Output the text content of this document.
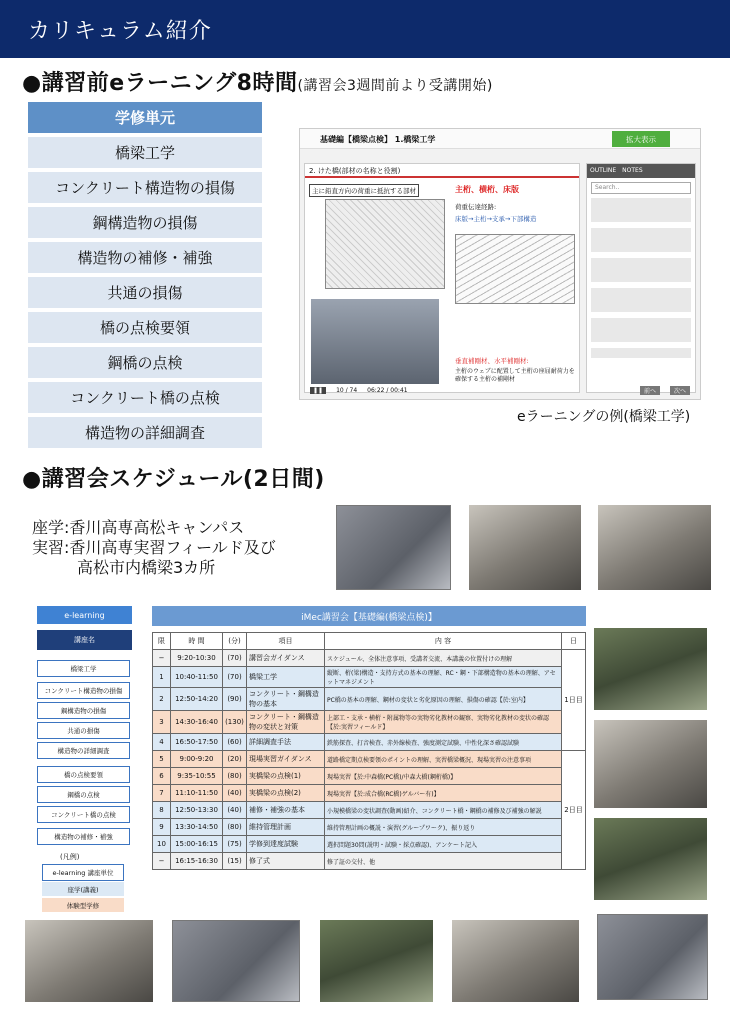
カリキュラム紹介
●講習前eラーニング8時間(講習会3週間前より受講開始)
学修単元
橋梁工学
コンクリート構造物の損傷
鋼構造物の損傷
構造物の補修・補強
共通の損傷
橋の点検要領
鋼橋の点検
コンクリート橋の点検
構造物の詳細調査
基礎編【橋梁点検】 1.橋梁工学	拡大表示
2. けた橋(部材の名称と役割)
主に鉛直方向の荷重に抵抗する部材	主桁、横桁、床版
荷重伝達経路:
床版→主桁→支承→下部構造
垂直補剛材、水平補剛材:
主桁のウェブに配置して主桁の座屈耐荷力を確保する主桁の補剛材
OUTLINE NOTES
Search..
❚❚	10 / 74 06:22 / 00:41	前へ	次へ
eラーニングの例(橋梁工学)
●講習会スケジュール(2日間)
座学:香川高専高松キャンパス
実習:香川高専実習フィールド及び
高松市内橋梁3カ所
e-learning
講座名
橋梁工学
コンクリート構造物の損傷
鋼構造物の損傷
共通の損傷
構造物の詳細調査
橋の点検要領
鋼橋の点検
コンクリート橋の点検
構造物の補修・補強
(凡例)
e-learning 講座単位
座学(講義)
体験型学修
iMec講習会【基礎編(橋梁点検)】
限	時 間	(分)	項目	内 容	日
−	9:20-10:30	(70)	講習会ガイダンス	スケジュール、全体注意事項、受講者交流、本講義の位置付けの理解	1日目
1	10:40-11:50	(70)	橋梁工学	縦断、桁(梁)構造・支持方式の基本の理解、RC・鋼・下部構造物の基本の理解、アセットマネジメント	
2	12:50-14:20	(90)	コンクリート・鋼構造物の基本	PC橋の基本の理解、鋼材の変状と劣化原因の理解、損傷の確認【於:室内】	
3	14:30-16:40	(130)	コンクリート・鋼構造物の変状と対策	上部工・支承・横桁・附属物等の実物劣化教材の観察、実物劣化教材の変状の確認【於:実習フィールド】	
4	16:50-17:50	(60)	詳細調査手法	鉄筋探査、打音検査、赤外線検査、強度測定試験、中性化深さ確認試験	
5	9:00-9:20	(20)	現場実習ガイダンス	道路橋定期点検要領のポイントの理解、実習橋梁概況、現場実習の注意事項	2日目
6	9:35-10:55	(80)	実橋梁の点検(1)	現場実習【於:中森橋(PC橋)/中森大橋(鋼桁橋)】	
7	11:10-11:50	(40)	実橋梁の点検(2)	現場実習【於:成合橋(RC橋)ゲルバー有)】	
8	12:50-13:30	(40)	補修・補強の基本	小規模橋梁の変状調査(動画)紹介、コンクリート橋・鋼橋の補修及び補強の解説	
9	13:30-14:50	(80)	維持管理計画	維持管理計画の概説・演習(グループワーク)、振り返り	
10	15:00-16:15	(75)	学修到達度試験	選択問題30問(説明・試験・採点確認)、アンケート記入	
−	16:15-16:30	(15)	修了式	修了証の交付、他	
